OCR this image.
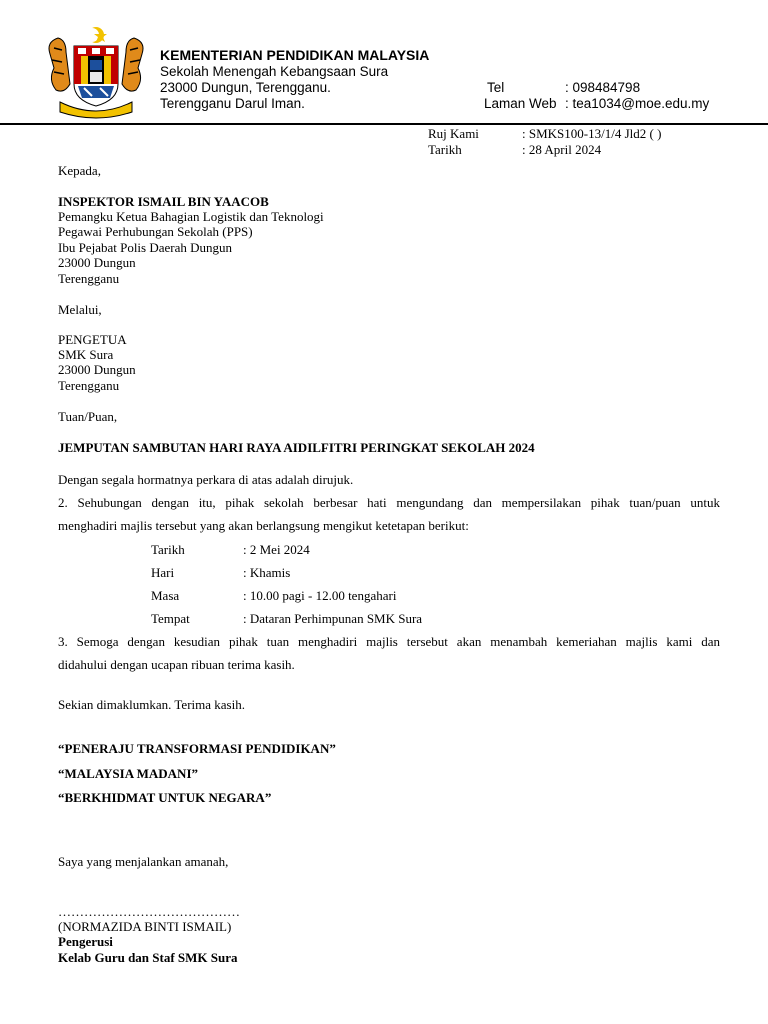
KEMENTERIAN PENDIDIKAN MALAYSIA
Sekolah Menengah Kebangsaan Sura
23000 Dungun, Terengganu.
Terengganu Darul Iman.
Tel	: 098484798
Laman Web : tea1034@moe.edu.my
Ruj Kami	: SMKS100-13/1/4 Jld2 ( )
Tarikh	: 28 April 2024
Kepada,
INSPEKTOR ISMAIL BIN YAACOB
Pemangku Ketua Bahagian Logistik dan Teknologi
Pegawai Perhubungan Sekolah (PPS)
Ibu Pejabat Polis Daerah Dungun
23000 Dungun
Terengganu
Melalui,
PENGETUA
SMK Sura
23000 Dungun
Terengganu
Tuan/Puan,
JEMPUTAN SAMBUTAN HARI RAYA AIDILFITRI PERINGKAT SEKOLAH 2024
Dengan segala hormatnya perkara di atas adalah dirujuk.
2. Sehubungan dengan itu, pihak sekolah berbesar hati mengundang dan mempersilakan pihak tuan/puan untuk
menghadiri majlis tersebut yang akan berlangsung mengikut ketetapan berikut:
Tarikh	: 2 Mei 2024
Hari	: Khamis
Masa	: 10.00 pagi - 12.00 tengahari
Tempat	: Dataran Perhimpunan SMK Sura
3. Semoga dengan kesudian pihak tuan menghadiri majlis tersebut akan menambah kemeriahan majlis kami dan
didahului dengan ucapan ribuan terima kasih.
Sekian dimaklumkan. Terima kasih.
“PENERAJU TRANSFORMASI PENDIDIKAN”
“MALAYSIA MADANI”
“BERKHIDMAT UNTUK NEGARA”
Saya yang menjalankan amanah,
……………………………………
(NORMAZIDA BINTI ISMAIL)
Pengerusi
Kelab Guru dan Staf SMK Sura
